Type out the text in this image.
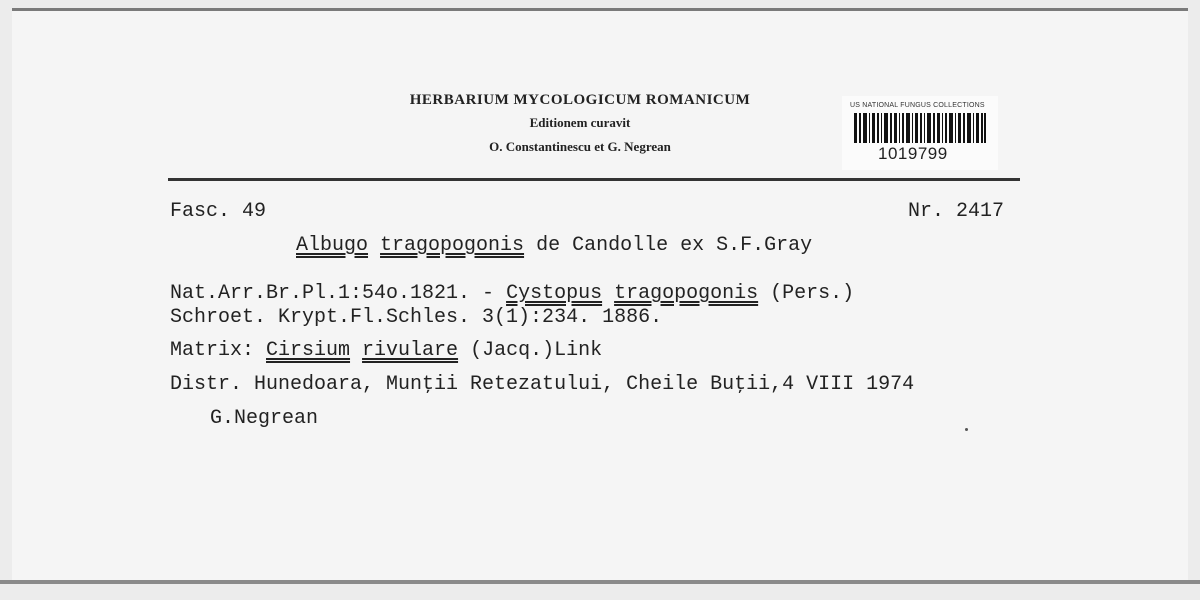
HERBARIUM MYCOLOGICUM ROMANICUM
Editionem curavit
O. Constantinescu et G. Negrean
US NATIONAL FUNGUS COLLECTIONS
1019799
Fasc. 49	Nr. 2417
Albugo tragopogonis de Candolle ex S.F.Gray
Nat.Arr.Br.Pl.1:54o.1821. - Cystopus tragopogonis (Pers.)
Schroet. Krypt.Fl.Schles. 3(1):234. 1886.
Matrix: Cirsium rivulare (Jacq.)Link
Distr. Hunedoara, Munţii Retezatului, Cheile Buţii,4 VIII 1974
G.Negrean
